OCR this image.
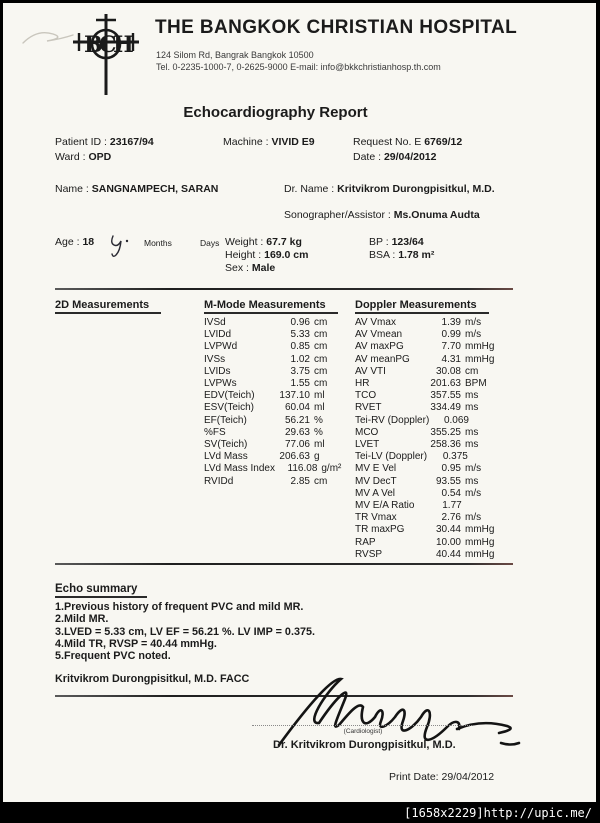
B
C
H
THE BANGKOK CHRISTIAN HOSPITAL
124 Silom Rd, Bangrak Bangkok 10500
Tel. 0-2235-1000-7, 0-2625-9000 E-mail: info@bkkchristianhosp.th.com
Echocardiography Report
Patient ID : 23167/94
Ward : OPD
Machine : VIVID E9	Request No. E 6769/12
Date : 29/04/2012
Name : SANGNAMPECH, SARAN	Dr. Name : Kritvikrom Durongpisitkul, M.D.
Sonographer/Assistor : Ms.Onuma Audta
Age : 18	Months	Days Weight : 67.7 kg
Height : 169.0 cm
Sex : Male
BP : 123/64
BSA : 1.78 m²
2D Measurements	M-Mode Measurements
IVSd	0.96 cm
LVIDd	5.33 cm
LVPWd	0.85 cm
IVSs	1.02 cm
LVIDs	3.75 cm
LVPWs	1.55 cm
EDV(Teich)	137.10 ml
ESV(Teich)	60.04 ml
EF(Teich)	56.21 %
%FS	29.63 %
SV(Teich)	77.06 ml
LVd Mass	206.63 g
LVd Mass Index	116.08 g/m²
RVIDd	2.85 cm
Doppler Measurements
AV Vmax	1.39 m/s
AV Vmean	0.99 m/s
AV maxPG	7.70 mmHg
AV meanPG	4.31 mmHg
AV VTI	30.08 cm
HR	201.63 BPM
TCO	357.55 ms
RVET	334.49 ms
Tei-RV (Doppler)	0.069
MCO	355.25 ms
LVET	258.36 ms
Tei-LV (Doppler)	0.375
MV E Vel	0.95 m/s
MV DecT	93.55 ms
MV A Vel	0.54 m/s
MV E/A Ratio	1.77
TR Vmax	2.76 m/s
TR maxPG	30.44 mmHg
RAP	10.00 mmHg
RVSP	40.44 mmHg
Echo summary
1.Previous history of frequent PVC and mild MR.
2.Mild MR.
3.LVED = 5.33 cm, LV EF = 56.21 %. LV IMP = 0.375.
4.Mild TR, RVSP = 40.44 mmHg.
5.Frequent PVC noted.
Kritvikrom Durongpisitkul, M.D. FACC
(Cardiologist)
Dr. Kritvikrom Durongpisitkul, M.D.
Print Date: 29/04/2012
[1658x2229]http://upic.me/
